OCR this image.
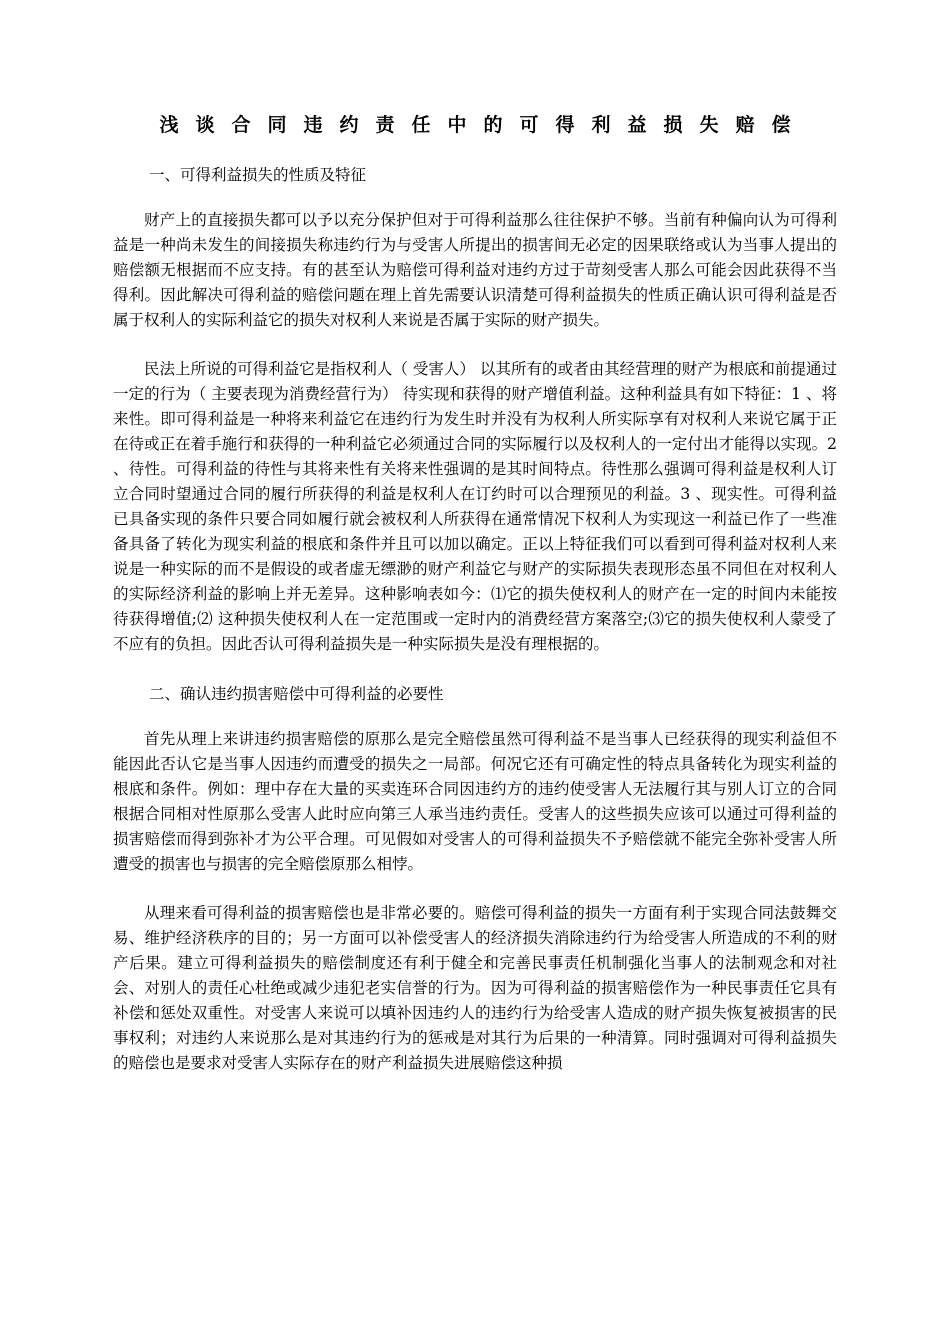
浅谈合同违约责任中的可得利益损失赔偿
一、可得利益损失的性质及特征

财产上的直接损失都可以予以充分保护但对于可得利益那么往往保护不够。当前有种偏向认为可得利益是一种尚未发生的间接损失称违约行为与受害人所提出的损害间无必定的因果联络或认为当事人提出的赔偿额无根据而不应支持。有的甚至认为赔偿可得利益对违约方过于苛刻受害人那么可能会因此获得不当得利。因此解决可得利益的赔偿问题在理上首先需要认识清楚可得利益损失的性质正确认识可得利益是否属于权利人的实际利益它的损失对权利人来说是否属于实际的财产损失。

民法上所说的可得利益它是指权利人（ 受害人） 以其所有的或者由其经营理的财产为根底和前提通过一定的行为（ 主要表现为消费经营行为） 待实现和获得的财产增值利益。这种利益具有如下特征：1 、将来性。即可得利益是一种将来利益它在违约行为发生时并没有为权利人所实际享有对权利人来说它属于正在待或正在着手施行和获得的一种利益它必须通过合同的实际履行以及权利人的一定付出才能得以实现。2 、待性。可得利益的待性与其将来性有关将来性强调的是其时间特点。待性那么强调可得利益是权利人订立合同时望通过合同的履行所获得的利益是权利人在订约时可以合理预见的利益。3 、现实性。可得利益已具备实现的条件只要合同如履行就会被权利人所获得在通常情况下权利人为实现这一利益已作了一些准备具备了转化为现实利益的根底和条件并且可以加以确定。正以上特征我们可以看到可得利益对权利人来说是一种实际的而不是假设的或者虚无缥渺的财产利益它与财产的实际损失表现形态虽不同但在对权利人的实际经济利益的影响上并无差异。这种影响表如今：⑴它的损失使权利人的财产在一定的时间内未能按待获得增值;⑵ 这种损失使权利人在一定范围或一定时内的消费经营方案落空;⑶它的损失使权利人蒙受了不应有的负担。因此否认可得利益损失是一种实际损失是没有理根据的。

二、确认违约损害赔偿中可得利益的必要性

首先从理上来讲违约损害赔偿的原那么是完全赔偿虽然可得利益不是当事人已经获得的现实利益但不能因此否认它是当事人因违约而遭受的损失之一局部。何况它还有可确定性的特点具备转化为现实利益的根底和条件。例如：理中存在大量的买卖连环合同因违约方的违约使受害人无法履行其与别人订立的合同根据合同相对性原那么受害人此时应向第三人承当违约责任。受害人的这些损失应该可以通过可得利益的损害赔偿而得到弥补才为公平合理。可见假如对受害人的可得利益损失不予赔偿就不能完全弥补受害人所遭受的损害也与损害的完全赔偿原那么相悖。

从理来看可得利益的损害赔偿也是非常必要的。赔偿可得利益的损失一方面有利于实现合同法鼓舞交易、维护经济秩序的目的；另一方面可以补偿受害人的经济损失消除违约行为给受害人所造成的不利的财产后果。建立可得利益损失的赔偿制度还有利于健全和完善民事责任机制强化当事人的法制观念和对社会、对别人的责任心杜绝或减少违犯老实信誉的行为。因为可得利益的损害赔偿作为一种民事责任它具有补偿和惩处双重性。对受害人来说可以填补因违约人的违约行为给受害人造成的财产损失恢复被损害的民事权利；对违约人来说那么是对其违约行为的惩戒是对其行为后果的一种清算。同时强调对可得利益损失的赔偿也是要求对受害人实际存在的财产利益损失进展赔偿这种损
